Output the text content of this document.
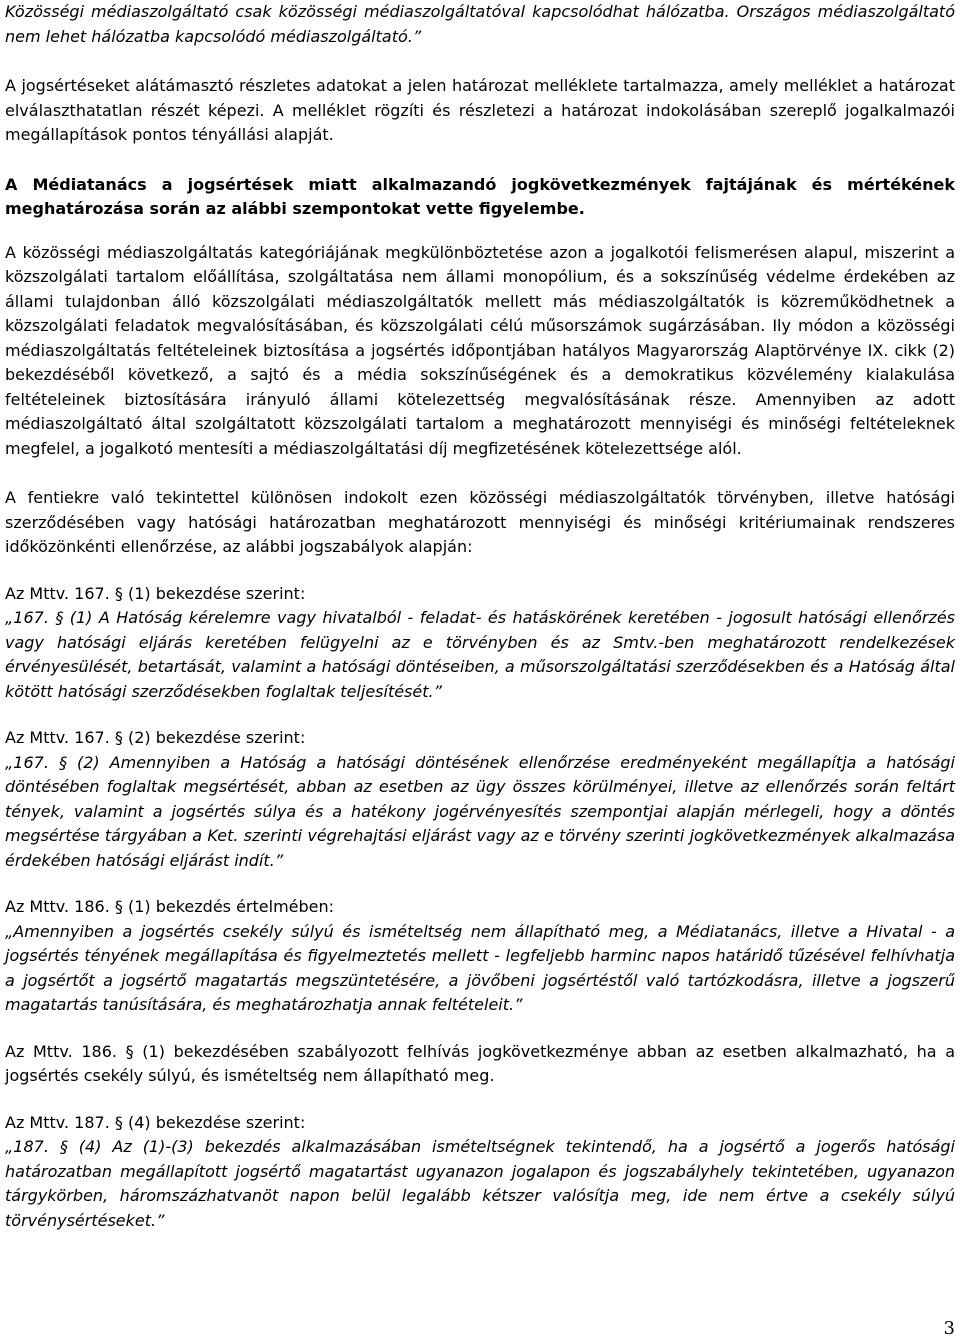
Közösségi médiaszolgáltató csak közösségi médiaszolgáltatóval kapcsolódhat hálózatba. Országos médiaszolgáltató nem lehet hálózatba kapcsolódó médiaszolgáltató.”

A jogsértéseket alátámasztó részletes adatokat a jelen határozat melléklete tartalmazza, amely melléklet a határozat elválaszthatatlan részét képezi. A melléklet rögzíti és részletezi a határozat indokolásában szereplő jogalkalmazói megállapítások pontos tényállási alapját.

A Médiatanács a jogsértések miatt alkalmazandó jogkövetkezmények fajtájának és mértékének meghatározása során az alábbi szempontokat vette figyelembe.

A közösségi médiaszolgáltatás kategóriájának megkülönböztetése azon a jogalkotói felismerésen alapul, miszerint a közszolgálati tartalom előállítása, szolgáltatása nem állami monopólium, és a sokszínűség védelme érdekében az állami tulajdonban álló közszolgálati médiaszolgáltatók mellett más médiaszolgáltatók is közreműködhetnek a közszolgálati feladatok megvalósításában, és közszolgálati célú műsorszámok sugárzásában. Ily módon a közösségi médiaszolgáltatás feltételeinek biztosítása a jogsértés időpontjában hatályos Magyarország Alaptörvénye IX. cikk (2) bekezdéséből következő, a sajtó és a média sokszínűségének és a demokratikus közvélemény kialakulása feltételeinek biztosítására irányuló állami kötelezettség megvalósításának része. Amennyiben az adott médiaszolgáltató által szolgáltatott közszolgálati tartalom a meghatározott mennyiségi és minőségi feltételeknek megfelel, a jogalkotó mentesíti a médiaszolgáltatási díj megfizetésének kötelezettsége alól.

A fentiekre való tekintettel különösen indokolt ezen közösségi médiaszolgáltatók törvényben, illetve hatósági szerződésében vagy hatósági határozatban meghatározott mennyiségi és minőségi kritériumainak rendszeres időközönkénti ellenőrzése, az alábbi jogszabályok alapján:

Az Mttv. 167. § (1) bekezdése szerint:

„167. § (1) A Hatóság kérelemre vagy hivatalból - feladat- és hatáskörének keretében - jogosult hatósági ellenőrzés vagy hatósági eljárás keretében felügyelni az e törvényben és az Smtv.-ben meghatározott rendelkezések érvényesülését, betartását, valamint a hatósági döntéseiben, a műsorszolgáltatási szerződésekben és a Hatóság által kötött hatósági szerződésekben foglaltak teljesítését.”

Az Mttv. 167. § (2) bekezdése szerint:

„167. § (2) Amennyiben a Hatóság a hatósági döntésének ellenőrzése eredményeként megállapítja a hatósági döntésében foglaltak megsértését, abban az esetben az ügy összes körülményei, illetve az ellenőrzés során feltárt tények, valamint a jogsértés súlya és a hatékony jogérvényesítés szempontjai alapján mérlegeli, hogy a döntés megsértése tárgyában a Ket. szerinti végrehajtási eljárást vagy az e törvény szerinti jogkövetkezmények alkalmazása érdekében hatósági eljárást indít.”

Az Mttv. 186. § (1) bekezdés értelmében:

„Amennyiben a jogsértés csekély súlyú és ismételtség nem állapítható meg, a Médiatanács, illetve a Hivatal - a jogsértés tényének megállapítása és figyelmeztetés mellett - legfeljebb harminc napos határidő tűzésével felhívhatja a jogsértőt a jogsértő magatartás megszüntetésére, a jövőbeni jogsértéstől való tartózkodásra, illetve a jogszerű magatartás tanúsítására, és meghatározhatja annak feltételeit.”

Az Mttv. 186. § (1) bekezdésében szabályozott felhívás jogkövetkezménye abban az esetben alkalmazható, ha a jogsértés csekély súlyú, és ismételtség nem állapítható meg.

Az Mttv. 187. § (4) bekezdése szerint:

„187. § (4) Az (1)-(3) bekezdés alkalmazásában ismételtségnek tekintendő, ha a jogsértő a jogerős hatósági határozatban megállapított jogsértő magatartást ugyanazon jogalapon és jogszabályhely tekintetében, ugyanazon tárgykörben, háromszázhatvanöt napon belül legalább kétszer valósítja meg, ide nem értve a csekély súlyú törvénysértéseket.”

3
